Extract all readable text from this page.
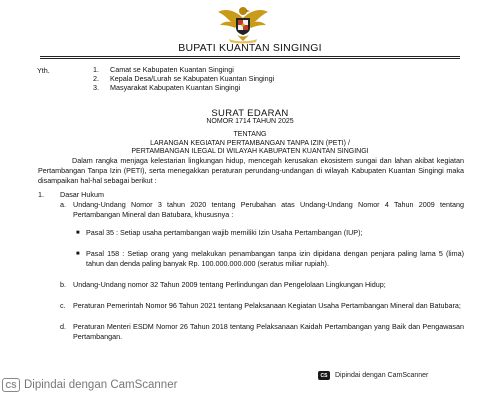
BUPATI KUANTAN SINGINGI
Yth.	1.	Camat se Kabupaten Kuantan Singingi
2.	Kepala Desa/Lurah se Kabupaten Kuantan Singingi
3.	Masyarakat Kabupaten Kuantan Singingi
SURAT EDARAN
NOMOR 1714 TAHUN 2025
TENTANG
LARANGAN KEGIATAN PERTAMBANGAN TANPA IZIN (PETI) /
PERTAMBANGAN ILEGAL DI WILAYAH KABUPATEN KUANTAN SINGINGI
Dalam rangka menjaga kelestarian lingkungan hidup, mencegah kerusakan ekosistem sungai dan lahan akibat kegiatan Pertambangan Tanpa Izin (PETI), serta menegakkan peraturan perundang-undangan di wilayah Kabupaten Kuantan Singingi maka disampaikan hal-hal sebagai berikut :
1.	Dasar Hukum
a. Undang-Undang Nomor 3 tahun 2020 tentang Perubahan atas Undang-Undang Nomor 4 Tahun 2009 tentang Pertambangan Mineral dan Batubara, khususnya :
■ Pasal 35 : Setiap usaha pertambangan wajib memiliki Izin Usaha Pertambangan (IUP);
■ Pasal 158 : Setiap orang yang melakukan penambangan tanpa izin dipidana dengan penjara paling lama 5 (lima) tahun dan denda paling banyak Rp. 100.000.000.000 (seratus miliar rupiah).
b. Undang-Undang nomor 32 Tahun 2009 tentang Perlindungan dan Pengelolaan Lingkungan Hidup;
c.	Peraturan Pemerintah Nomor 96 Tahun 2021 tentang Pelaksanaan Kegiatan Usaha Pertambangan Mineral dan Batubara;
d. Peraturan Menteri ESDM Nomor 26 Tahun 2018 tentang Pelaksanaan Kaidah Pertambangan yang Baik dan Pengawasan Pertambangan.
CS	Dipindai dengan CamScanner
CS Dipindai dengan CamScanner
